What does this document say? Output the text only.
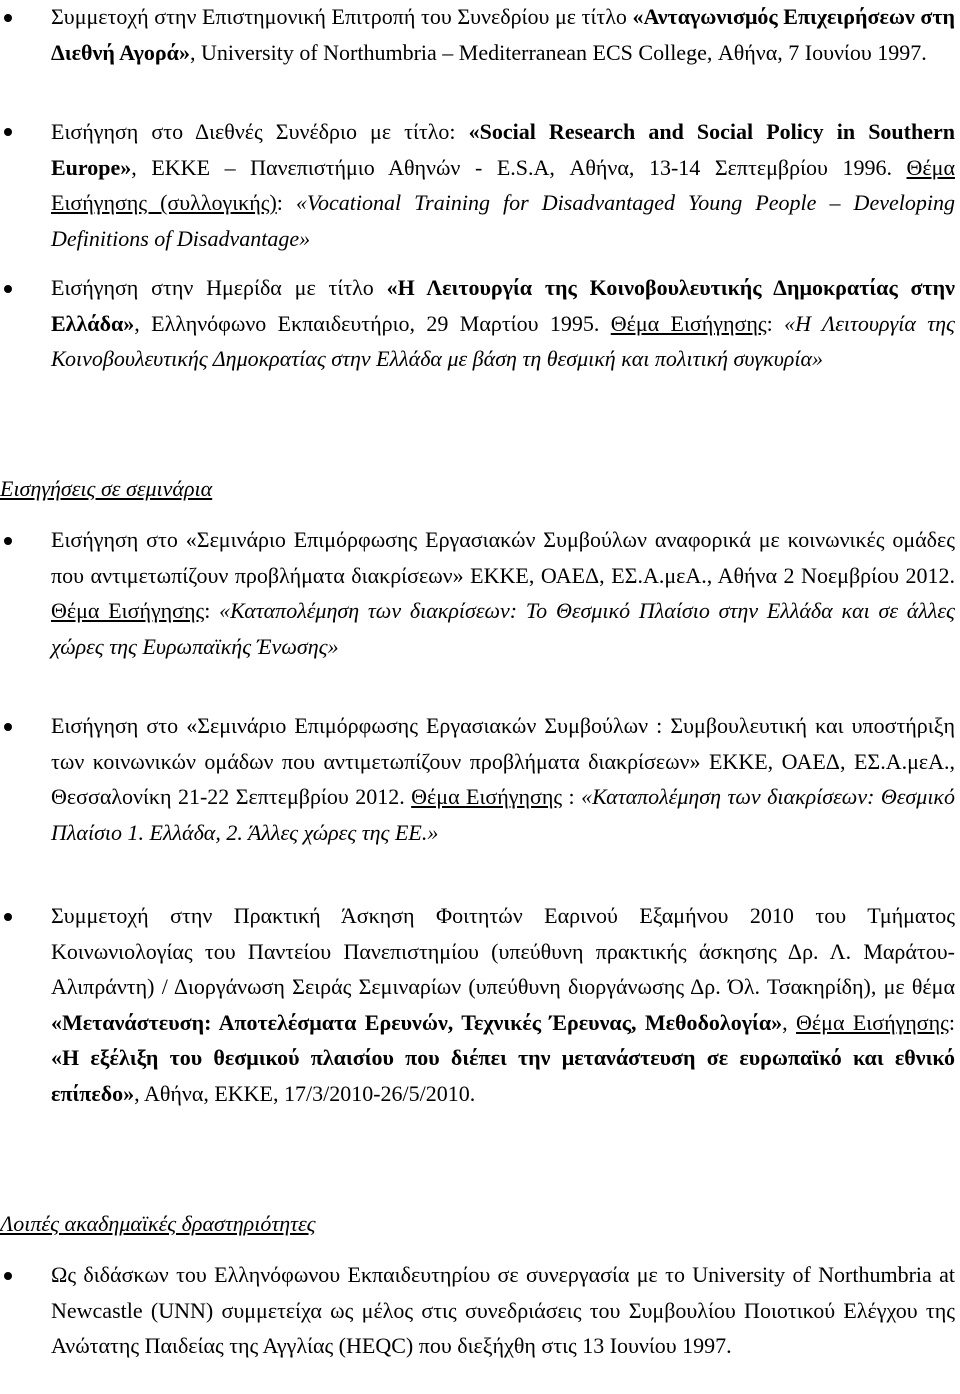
Συμμετοχή στην Επιστημονική Επιτροπή του Συνεδρίου με τίτλο «Ανταγωνισμός Επιχειρήσεων στη Διεθνή Αγορά», University of Northumbria – Mediterranean ECS College, Αθήνα, 7 Ιουνίου 1997.

Εισήγηση στο Διεθνές Συνέδριο με τίτλο: «Social Research and Social Policy in Southern Europe», ΕΚΚΕ – Πανεπιστήμιο Αθηνών - E.S.A, Αθήνα, 13-14 Σεπτεμβρίου 1996. Θέμα Εισήγησης (συλλογικής): «Vocational Training for Disadvantaged Young People – Developing Definitions of Disadvantage»

Εισήγηση στην Ημερίδα με τίτλο «Η Λειτουργία της Κοινοβουλευτικής Δημοκρατίας στην Ελλάδα», Ελληνόφωνο Εκπαιδευτήριο, 29 Μαρτίου 1995. Θέμα Εισήγησης: «Η Λειτουργία της Κοινοβουλευτικής Δημοκρατίας στην Ελλάδα με βάση τη θεσμική και πολιτική συγκυρία»

Εισηγήσεις σε σεμινάρια

Εισήγηση στο «Σεμινάριο Επιμόρφωσης Εργασιακών Συμβούλων αναφορικά με κοινωνικές ομάδες που αντιμετωπίζουν προβλήματα διακρίσεων» ΕΚΚΕ, ΟΑΕΔ, ΕΣ.Α.μεΑ., Αθήνα 2 Νοεμβρίου 2012. Θέμα Εισήγησης: «Καταπολέμηση των διακρίσεων: Το Θεσμικό Πλαίσιο στην Ελλάδα και σε άλλες χώρες της Ευρωπαϊκής Ένωσης»

Εισήγηση στο «Σεμινάριο Επιμόρφωσης Εργασιακών Συμβούλων : Συμβουλευτική και υποστήριξη των κοινωνικών ομάδων που αντιμετωπίζουν προβλήματα διακρίσεων» ΕΚΚΕ, ΟΑΕΔ, ΕΣ.Α.μεΑ., Θεσσαλονίκη 21-22 Σεπτεμβρίου 2012. Θέμα Εισήγησης : «Καταπολέμηση των διακρίσεων: Θεσμικό Πλαίσιο 1. Ελλάδα, 2. Άλλες χώρες της ΕΕ.»

Συμμετοχή στην Πρακτική Άσκηση Φοιτητών Εαρινού Εξαμήνου 2010 του Τμήματος Κοινωνιολογίας του Παντείου Πανεπιστημίου (υπεύθυνη πρακτικής άσκησης Δρ. Λ. Μαράτου-Αλιπράντη) / Διοργάνωση Σειράς Σεμιναρίων (υπεύθυνη διοργάνωσης Δρ. Όλ. Τσακηρίδη), με θέμα «Μετανάστευση: Αποτελέσματα Ερευνών, Τεχνικές Έρευνας, Μεθοδολογία», Θέμα Εισήγησης: «Η εξέλιξη του θεσμικού πλαισίου που διέπει την μετανάστευση σε ευρωπαϊκό και εθνικό επίπεδο», Αθήνα, ΕΚΚΕ, 17/3/2010-26/5/2010.

Λοιπές ακαδημαϊκές δραστηριότητες

Ως διδάσκων του Ελληνόφωνου Εκπαιδευτηρίου σε συνεργασία με το University of Northumbria at Newcastle (UNN) συμμετείχα ως μέλος στις συνεδριάσεις του Συμβουλίου Ποιοτικού Ελέγχου της Ανώτατης Παιδείας της Αγγλίας (HEQC) που διεξήχθη στις 13 Ιουνίου 1997.
